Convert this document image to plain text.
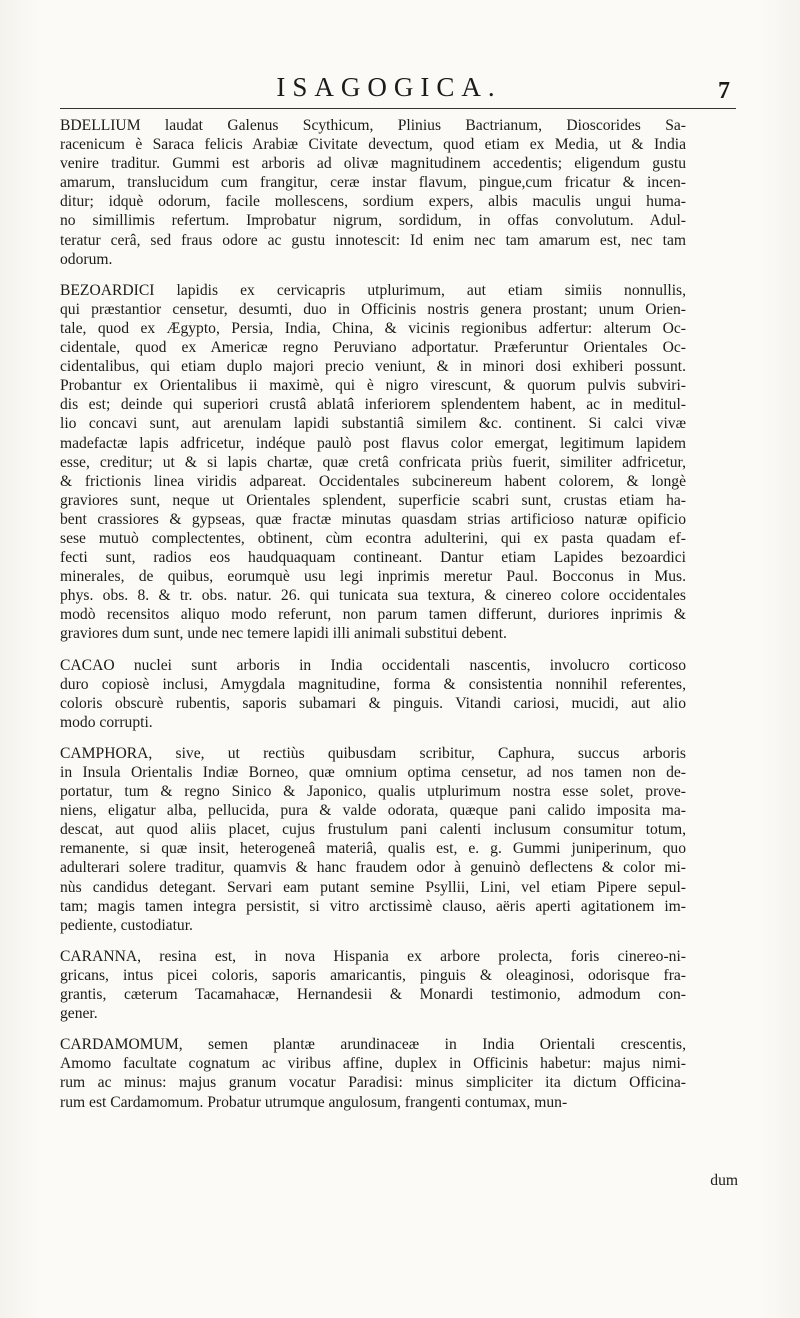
ISAGOGICA.	7
BDELLIUM laudat Galenus Scythicum, Plinius Bactrianum, Dioscorides Sa-
racenicum è Saraca felicis Arabiæ Civitate devectum, quod etiam ex Media, ut & India
venire traditur. Gummi est arboris ad olivæ magnitudinem accedentis; eligendum gustu
amarum, translucidum cum frangitur, ceræ instar flavum, pingue,cum fricatur & incen-
ditur; idquè odorum, facile mollescens, sordium expers, albis maculis ungui huma-
no simillimis refertum. Improbatur nigrum, sordidum, in offas convolutum. Adul-
teratur cerâ, sed fraus odore ac gustu innotescit: Id enim nec tam amarum est, nec tam
odorum.
BEZOARDICI lapidis ex cervicapris utplurimum, aut etiam simiis nonnullis,
qui præstantior censetur, desumti, duo in Officinis nostris genera prostant; unum Orien-
tale, quod ex Ægypto, Persia, India, China, & vicinis regionibus adfertur: alterum Oc-
cidentale, quod ex Americæ regno Peruviano adportatur. Præferuntur Orientales Oc-
cidentalibus, qui etiam duplo majori precio veniunt, & in minori dosi exhiberi possunt.
Probantur ex Orientalibus ii maximè, qui è nigro virescunt, & quorum pulvis subviri-
dis est; deinde qui superiori crustâ ablatâ inferiorem splendentem habent, ac in meditul-
lio concavi sunt, aut arenulam lapidi substantiâ similem &c. continent. Si calci vivæ
madefactæ lapis adfricetur, indéque paulò post flavus color emergat, legitimum lapidem
esse, creditur; ut & si lapis chartæ, quæ cretâ confricata priùs fuerit, similiter adfricetur,
& frictionis linea viridis adpareat. Occidentales subcinereum habent colorem, & longè
graviores sunt, neque ut Orientales splendent, superficie scabri sunt, crustas etiam ha-
bent crassiores & gypseas, quæ fractæ minutas quasdam strias artificioso naturæ opificio
sese mutuò complectentes, obtinent, cùm econtra adulterini, qui ex pasta quadam ef-
fecti sunt, radios eos haudquaquam contineant. Dantur etiam Lapides bezoardici
minerales, de quibus, eorumquè usu legi inprimis meretur Paul. Bocconus in Mus.
phys. obs. 8. & tr. obs. natur. 26. qui tunicata sua textura, & cinereo colore occidentales
modò recensitos aliquo modo referunt, non parum tamen differunt, duriores inprimis &
graviores dum sunt, unde nec temere lapidi illi animali substitui debent.
CACAO nuclei sunt arboris in India occidentali nascentis, involucro corticoso
duro copiosè inclusi, Amygdala magnitudine, forma & consistentia nonnihil referentes,
coloris obscurè rubentis, saporis subamari & pinguis. Vitandi cariosi, mucidi, aut alio
modo corrupti.
CAMPHORA, sive, ut rectiùs quibusdam scribitur, Caphura, succus arboris
in Insula Orientalis Indiæ Borneo, quæ omnium optima censetur, ad nos tamen non de-
portatur, tum & regno Sinico & Japonico, qualis utplurimum nostra esse solet, prove-
niens, eligatur alba, pellucida, pura & valde odorata, quæque pani calido imposita ma-
descat, aut quod aliis placet, cujus frustulum pani calenti inclusum consumitur totum,
remanente, si quæ insit, heterogeneâ materiâ, qualis est, e. g. Gummi juniperinum, quo
adulterari solere traditur, quamvis & hanc fraudem odor à genuinò deflectens & color mi-
nùs candidus detegant. Servari eam putant semine Psyllii, Lini, vel etiam Pipere sepul-
tam; magis tamen integra persistit, si vitro arctissimè clauso, aëris aperti agitationem im-
pediente, custodiatur.
CARANNA, resina est, in nova Hispania ex arbore prolecta, foris cinereo-ni-
gricans, intus picei coloris, saporis amaricantis, pinguis & oleaginosi, odorisque fra-
grantis, cæterum Tacamahacæ, Hernandesii & Monardi testimonio, admodum con-
gener.
CARDAMOMUM, semen plantæ arundinaceæ in India Orientali crescentis,
Amomo facultate cognatum ac viribus affine, duplex in Officinis habetur: majus nimi-
rum ac minus: majus granum vocatur Paradisi: minus simpliciter ita dictum Officina-
rum est Cardamomum. Probatur utrumque angulosum, frangenti contumax, mun-
dum
